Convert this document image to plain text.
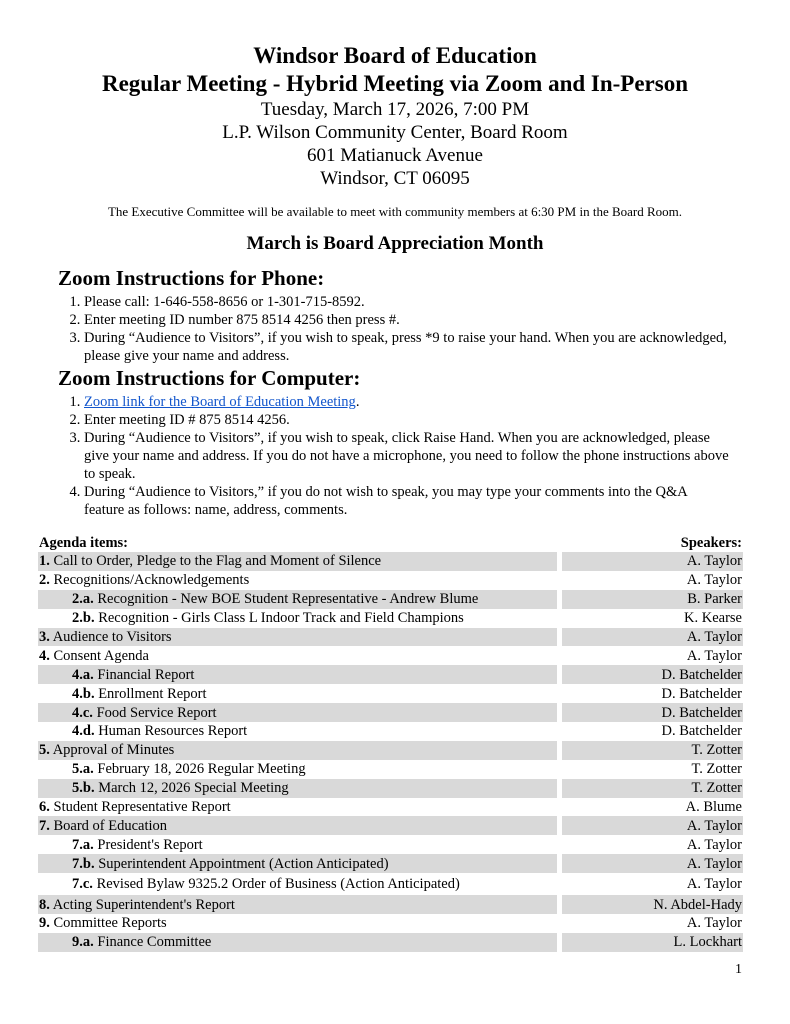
Windsor Board of Education
Regular Meeting - Hybrid Meeting via Zoom and In-Person
Tuesday, March 17, 2026, 7:00 PM
L.P. Wilson Community Center, Board Room
601 Matianuck Avenue
Windsor, CT 06095
The Executive Committee will be available to meet with community members at 6:30 PM in the Board Room.
March is Board Appreciation Month
Zoom Instructions for Phone:
1. Please call: 1-646-558-8656 or 1-301-715-8592.
2. Enter meeting ID number 875 8514 4256 then press #.
3. During “Audience to Visitors”, if you wish to speak, press *9 to raise your hand. When you are acknowledged, please give your name and address.
Zoom Instructions for Computer:
1. Zoom link for the Board of Education Meeting.
2. Enter meeting ID # 875 8514 4256.
3. During “Audience to Visitors”, if you wish to speak, click Raise Hand. When you are acknowledged, please give your name and address. If you do not have a microphone, you need to follow the phone instructions above to speak.
4. During “Audience to Visitors,” if you do not wish to speak, you may type your comments into the Q&A feature as follows: name, address, comments.
Agenda items:		Speakers:
1. Call to Order, Pledge to the Flag and Moment of Silence		A. Taylor
2. Recognitions/Acknowledgements		A. Taylor
2.a. Recognition - New BOE Student Representative - Andrew Blume		B. Parker
2.b. Recognition - Girls Class L Indoor Track and Field Champions		K. Kearse
3. Audience to Visitors		A. Taylor
4. Consent Agenda		A. Taylor
4.a. Financial Report		D. Batchelder
4.b. Enrollment Report		D. Batchelder
4.c. Food Service Report		D. Batchelder
4.d. Human Resources Report		D. Batchelder
5. Approval of Minutes		T. Zotter
5.a. February 18, 2026 Regular Meeting		T. Zotter
5.b. March 12, 2026 Special Meeting		T. Zotter
6. Student Representative Report		A. Blume
7. Board of Education		A. Taylor
7.a. President's Report		A. Taylor
7.b. Superintendent Appointment (Action Anticipated)		A. Taylor
7.c. Revised Bylaw 9325.2 Order of Business (Action Anticipated)		A. Taylor
8. Acting Superintendent's Report		N. Abdel-Hady
9. Committee Reports		A. Taylor
9.a. Finance Committee		L. Lockhart
1
